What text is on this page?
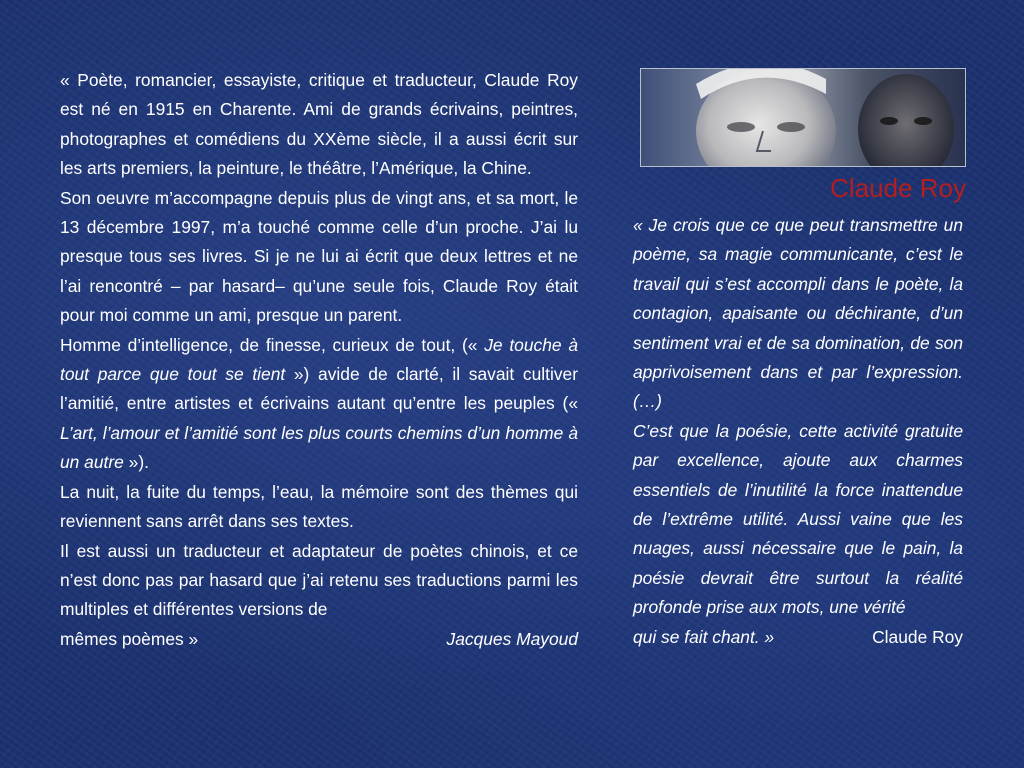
« Poète, romancier, essayiste, critique et traducteur, Claude Roy est né en 1915 en Charente. Ami de grands écrivains, peintres, photographes et comédiens du XXème siècle, il a aussi écrit sur les arts premiers, la peinture, le théâtre, l’Amérique, la Chine.

Son oeuvre m’accompagne depuis plus de vingt ans, et sa mort, le 13 décembre 1997, m’a touché comme celle d’un proche. J’ai lu presque tous ses livres. Si je ne lui ai écrit que deux lettres et ne l’ai rencontré – par hasard– qu’une seule fois, Claude Roy était pour moi comme un ami, presque un parent.

Homme d’intelligence, de finesse, curieux de tout, (« Je touche à tout parce que tout se tient ») avide de clarté, il savait cultiver l’amitié, entre artistes et écrivains autant qu’entre les peuples (« L’art, l’amour et l’amitié sont les plus courts chemins d’un homme à un autre »).

La nuit, la fuite du temps, l’eau, la mémoire sont des thèmes qui reviennent sans arrêt dans ses textes.

Il est aussi un traducteur et adaptateur de poètes chinois, et ce n’est donc pas par hasard que j’ai retenu ses traductions parmi les multiples et différentes versions de

mêmes poèmes »	Jacques Mayoud

Claude Roy

« Je crois que ce que peut transmettre un poème, sa magie communicante, c’est le travail qui s’est accompli dans le poète, la contagion, apaisante ou déchirante, d’un sentiment vrai et de sa domination, de son apprivoisement dans et par l’expression. (…)

C’est que la poésie, cette activité gratuite par excellence, ajoute aux charmes essentiels de l’inutilité la force inattendue de l’extrême utilité. Aussi vaine que les nuages, aussi nécessaire que le pain, la poésie devrait être surtout la réalité profonde prise aux mots, une vérité

qui se fait chant. »	Claude Roy
